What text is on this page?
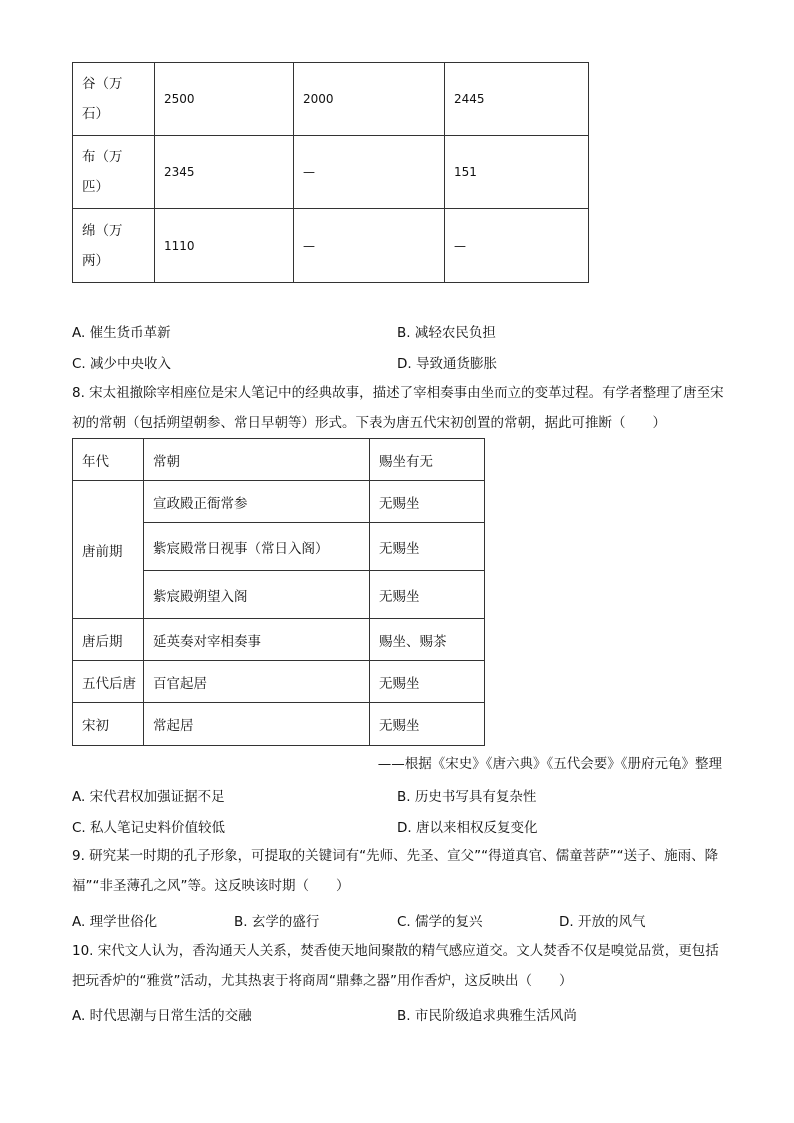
谷（万
石）	2500	2000	2445
布（万
匹）	2345	—	151
绵（万
两）	1110	—	—
A. 催生货币革新	B. 减轻农民负担
C. 减少中央收入	D. 导致通货膨胀
8. 宋太祖撤除宰相座位是宋人笔记中的经典故事，描述了宰相奏事由坐而立的变革过程。有学者整理了唐至宋初的常朝（包括朔望朝参、常日早朝等）形式。下表为唐五代宋初创置的常朝，据此可推断（　　）
年代	常朝	赐坐有无
唐前期	宣政殿正衙常参	无赐坐
	紫宸殿常日视事（常日入阁）	无赐坐
	紫宸殿朔望入阁	无赐坐
唐后期	延英奏对宰相奏事	赐坐、赐茶
五代后唐	百官起居	无赐坐
宋初	常起居	无赐坐
——根据《宋史》《唐六典》《五代会要》《册府元龟》整理
A. 宋代君权加强证据不足	B. 历史书写具有复杂性
C. 私人笔记史料价值较低	D. 唐以来相权反复变化
9. 研究某一时期的孔子形象，可提取的关键词有“先师、先圣、宣父”“得道真官、儒童菩萨”“送子、施雨、降福”“非圣薄孔之风”等。这反映该时期（　　）
A. 理学世俗化	B. 玄学的盛行	C. 儒学的复兴	D. 开放的风气
10. 宋代文人认为，香沟通天人关系，焚香使天地间聚散的精气感应道交。文人焚香不仅是嗅觉品赏，更包括把玩香炉的“雅赏”活动，尤其热衷于将商周“鼎彝之器”用作香炉，这反映出（　　）
A. 时代思潮与日常生活的交融	B. 市民阶级追求典雅生活风尚
